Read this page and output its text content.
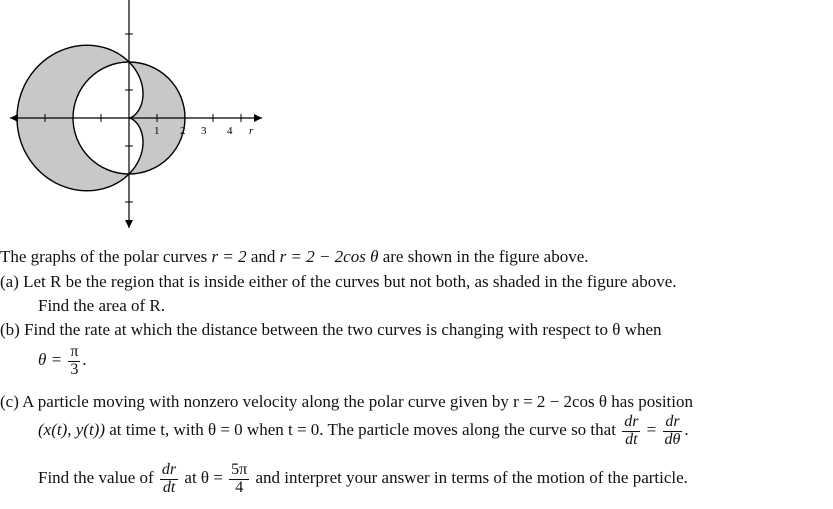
1 2 3 4 r
The graphs of the polar curves r = 2 and r = 2 − 2cos θ are shown in the figure above.
(a) Let R be the region that is inside either of the curves but not both, as shaded in the figure above.
Find the area of R.
(b) Find the rate at which the distance between the two curves is changing with respect to θ when
$\theta = \frac{\pi}{3}$ .
(c) A particle moving with nonzero velocity along the polar curve given by r = 2 − 2cos θ has position
(x(t), y(t)) at time t, with θ = 0 when t = 0. The particle moves along the curve so that $\frac{dr}{dt} = \frac{dr}{d\theta}$ .
Find the value of $\frac{dr}{dt}$ at $\theta = \frac{5\pi}{4}$ and interpret your answer in terms of the motion of the particle.
